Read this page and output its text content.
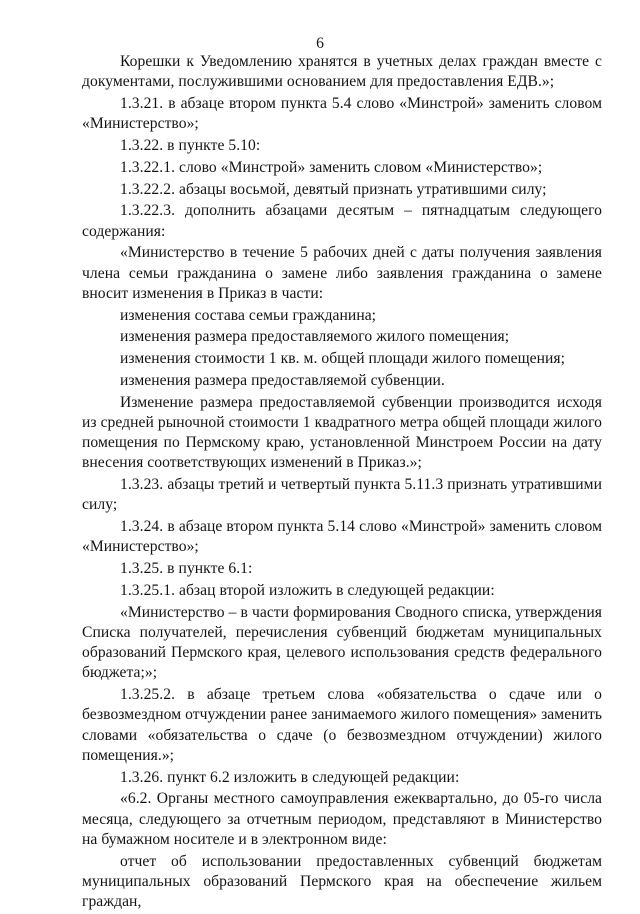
6

Корешки к Уведомлению хранятся в учетных делах граждан вместе с документами, послужившими основанием для предоставления ЕДВ.»;

1.3.21. в абзаце втором пункта 5.4 слово «Минстрой» заменить словом «Министерство»;

1.3.22. в пункте 5.10:

1.3.22.1. слово «Минстрой» заменить словом «Министерство»;

1.3.22.2. абзацы восьмой, девятый признать утратившими силу;

1.3.22.3. дополнить абзацами десятым – пятнадцатым следующего содержания:

«Министерство в течение 5 рабочих дней с даты получения заявления члена семьи гражданина о замене либо заявления гражданина о замене вносит изменения в Приказ в части:

изменения состава семьи гражданина;

изменения размера предоставляемого жилого помещения;

изменения стоимости 1 кв. м. общей площади жилого помещения;

изменения размера предоставляемой субвенции.

Изменение размера предоставляемой субвенции производится исходя из средней рыночной стоимости 1 квадратного метра общей площади жилого помещения по Пермскому краю, установленной Минстроем России на дату внесения соответствующих изменений в Приказ.»;

1.3.23. абзацы третий и четвертый пункта 5.11.3 признать утратившими силу;

1.3.24. в абзаце втором пункта 5.14 слово «Минстрой» заменить словом «Министерство»;

1.3.25. в пункте 6.1:

1.3.25.1. абзац второй изложить в следующей редакции:

«Министерство – в части формирования Сводного списка, утверждения Списка получателей, перечисления субвенций бюджетам муниципальных образований Пермского края, целевого использования средств федерального бюджета;»;

1.3.25.2. в абзаце третьем слова «обязательства о сдаче или о безвозмездном отчуждении ранее занимаемого жилого помещения» заменить словами «обязательства о сдаче (о безвозмездном отчуждении) жилого помещения.»;

1.3.26. пункт 6.2 изложить в следующей редакции:

«6.2. Органы местного самоуправления ежеквартально, до 05-го числа месяца, следующего за отчетным периодом, представляют в Министерство на бумажном носителе и в электронном виде:

отчет об использовании предоставленных субвенций бюджетам муниципальных образований Пермского края на обеспечение жильем граждан,
